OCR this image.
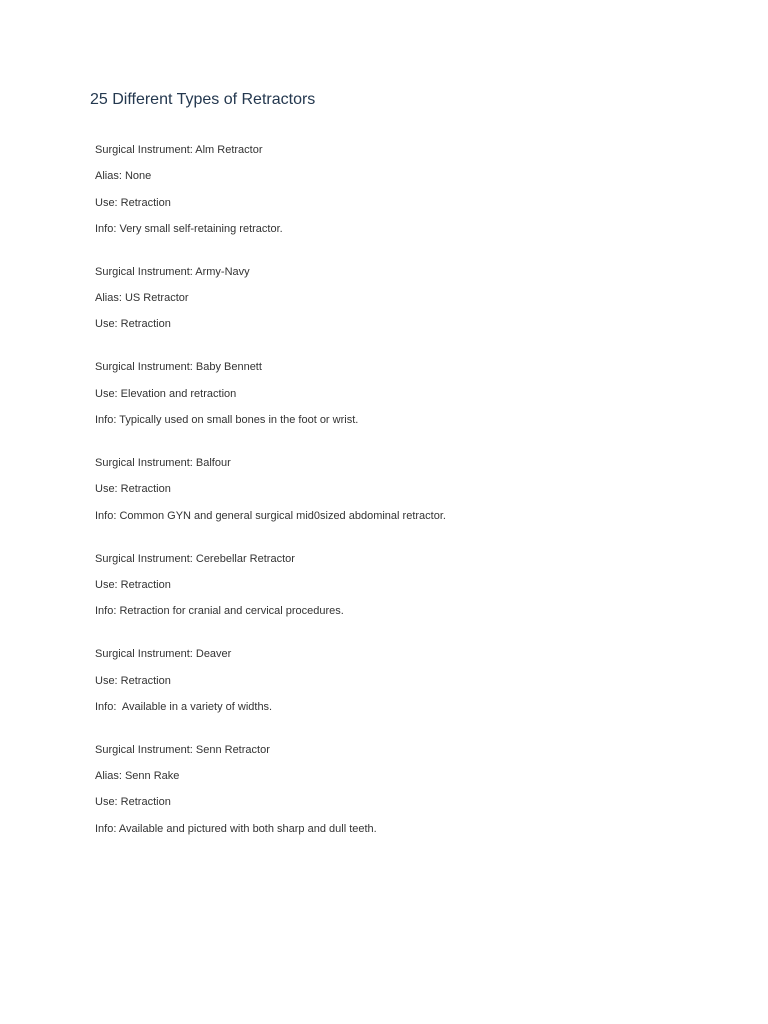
25 Different Types of Retractors
Surgical Instrument: Alm Retractor
Alias: None
Use: Retraction
Info: Very small self-retaining retractor.
Surgical Instrument: Army-Navy
Alias: US Retractor
Use: Retraction
Surgical Instrument: Baby Bennett
Use: Elevation and retraction
Info: Typically used on small bones in the foot or wrist.
Surgical Instrument: Balfour
Use: Retraction
Info: Common GYN and general surgical mid0sized abdominal retractor.
Surgical Instrument: Cerebellar Retractor
Use: Retraction
Info: Retraction for cranial and cervical procedures.
Surgical Instrument: Deaver
Use: Retraction
Info:  Available in a variety of widths.
Surgical Instrument: Senn Retractor
Alias: Senn Rake
Use: Retraction
Info: Available and pictured with both sharp and dull teeth.
